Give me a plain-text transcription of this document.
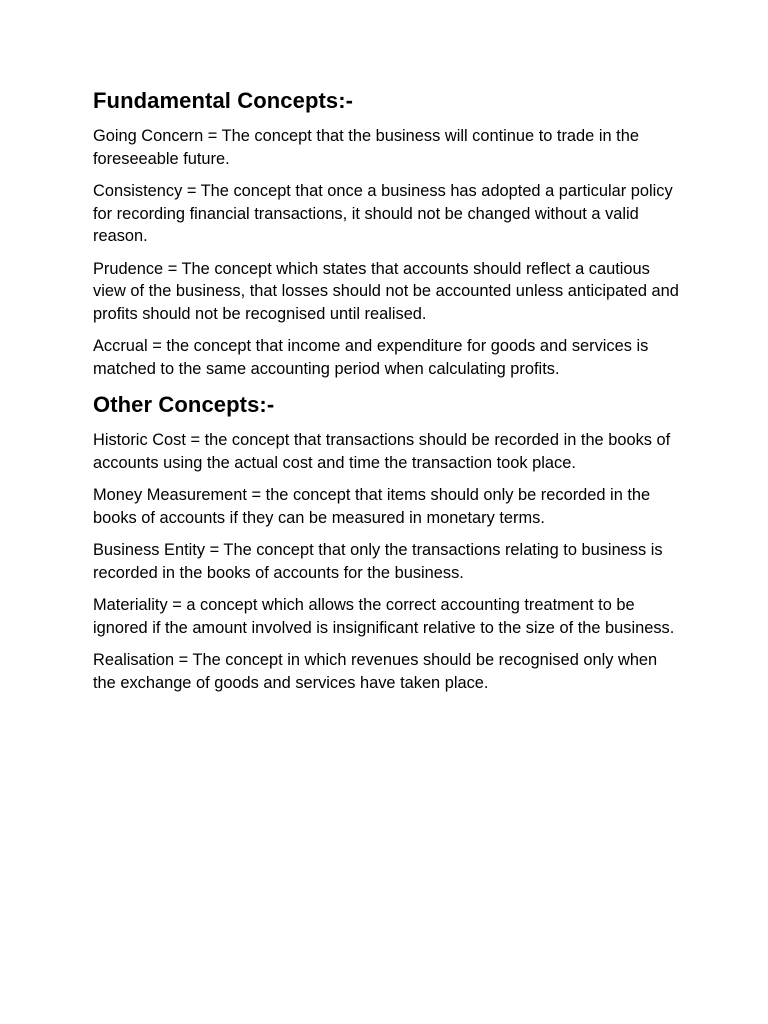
Fundamental Concepts:-

Going Concern = The concept that the business will continue to trade in the foreseeable future.

Consistency = The concept that once a business has adopted a particular policy for recording financial transactions, it should not be changed without a valid reason.

Prudence = The concept which states that accounts should reflect a cautious view of the business, that losses should not be accounted unless anticipated and profits should not be recognised until realised.

Accrual = the concept that income and expenditure for goods and services is matched to the same accounting period when calculating profits.

Other Concepts:-

Historic Cost = the concept that transactions should be recorded in the books of accounts using the actual cost and time the transaction took place.

Money Measurement = the concept that items should only be recorded in the books of accounts if they can be measured in monetary terms.

Business Entity = The concept that only the transactions relating to business is recorded in the books of accounts for the business.

Materiality = a concept which allows the correct accounting treatment to be ignored if the amount involved is insignificant relative to the size of the business.

Realisation = The concept in which revenues should be recognised only when the exchange of goods and services have taken place.
